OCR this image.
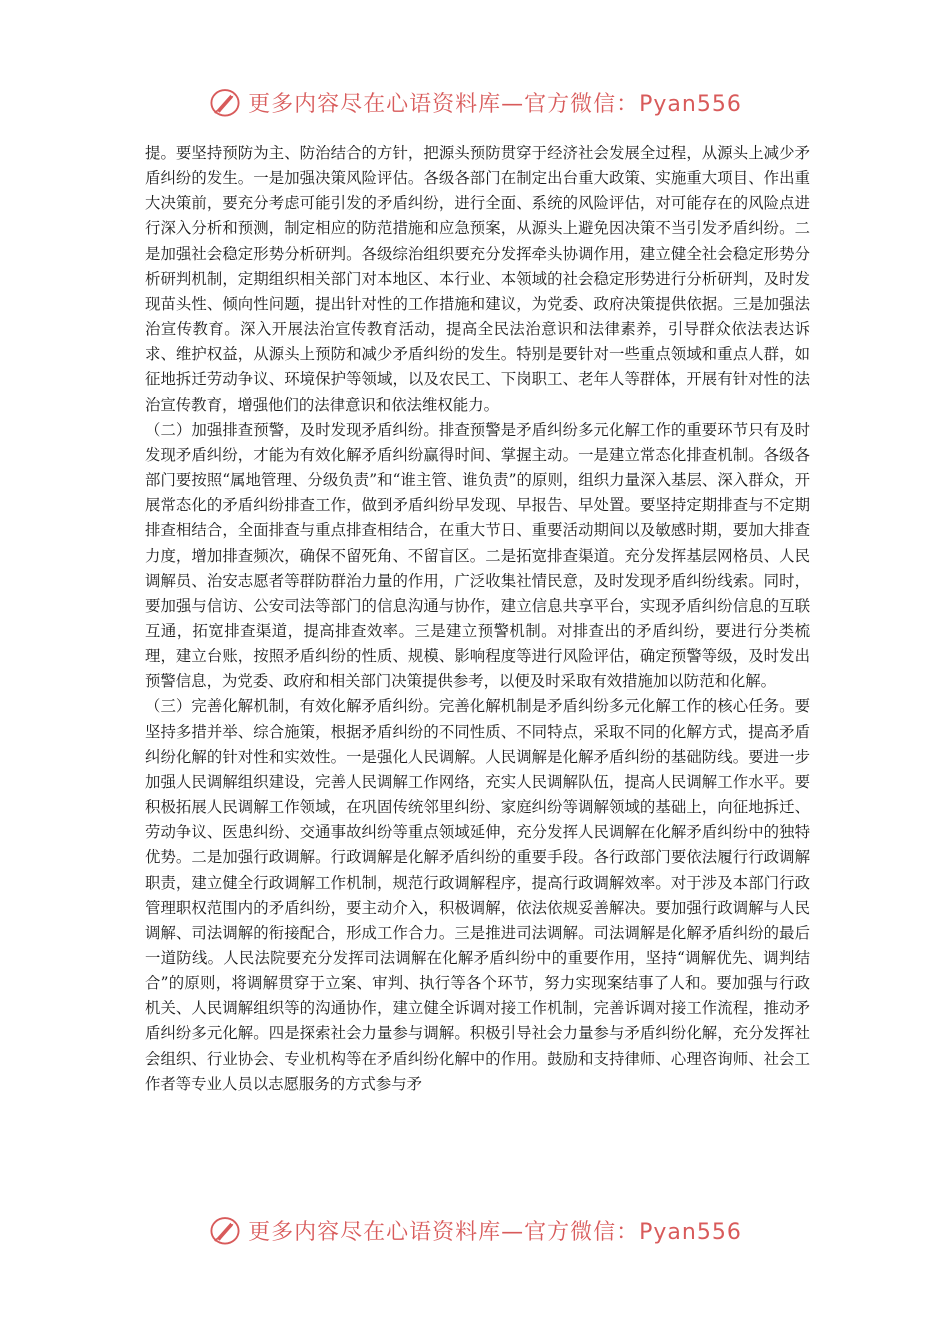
更多内容尽在心语资料库—官方微信：Pyan556

提。要坚持预防为主、防治结合的方针，把源头预防贯穿于经济社会发展全过程，从源头上减少矛盾纠纷的发生。一是加强决策风险评估。各级各部门在制定出台重大政策、实施重大项目、作出重大决策前，要充分考虑可能引发的矛盾纠纷，进行全面、系统的风险评估，对可能存在的风险点进行深入分析和预测，制定相应的防范措施和应急预案，从源头上避免因决策不当引发矛盾纠纷。二是加强社会稳定形势分析研判。各级综治组织要充分发挥牵头协调作用，建立健全社会稳定形势分析研判机制，定期组织相关部门对本地区、本行业、本领域的社会稳定形势进行分析研判，及时发现苗头性、倾向性问题，提出针对性的工作措施和建议，为党委、政府决策提供依据。三是加强法治宣传教育。深入开展法治宣传教育活动，提高全民法治意识和法律素养，引导群众依法表达诉求、维护权益，从源头上预防和减少矛盾纠纷的发生。特别是要针对一些重点领域和重点人群，如征地拆迁劳动争议、环境保护等领域，以及农民工、下岗职工、老年人等群体，开展有针对性的法治宣传教育，增强他们的法律意识和依法维权能力。

（二）加强排查预警，及时发现矛盾纠纷。排查预警是矛盾纠纷多元化解工作的重要环节只有及时发现矛盾纠纷，才能为有效化解矛盾纠纷赢得时间、掌握主动。一是建立常态化排查机制。各级各部门要按照“属地管理、分级负责”和“谁主管、谁负责”的原则，组织力量深入基层、深入群众，开展常态化的矛盾纠纷排查工作，做到矛盾纠纷早发现、早报告、早处置。要坚持定期排查与不定期排查相结合，全面排查与重点排查相结合，在重大节日、重要活动期间以及敏感时期，要加大排查力度，增加排查频次，确保不留死角、不留盲区。二是拓宽排查渠道。充分发挥基层网格员、人民调解员、治安志愿者等群防群治力量的作用，广泛收集社情民意，及时发现矛盾纠纷线索。同时，要加强与信访、公安司法等部门的信息沟通与协作，建立信息共享平台，实现矛盾纠纷信息的互联互通，拓宽排查渠道，提高排查效率。三是建立预警机制。对排查出的矛盾纠纷，要进行分类梳理，建立台账，按照矛盾纠纷的性质、规模、影响程度等进行风险评估，确定预警等级，及时发出预警信息，为党委、政府和相关部门决策提供参考，以便及时采取有效措施加以防范和化解。

（三）完善化解机制，有效化解矛盾纠纷。完善化解机制是矛盾纠纷多元化解工作的核心任务。要坚持多措并举、综合施策，根据矛盾纠纷的不同性质、不同特点，采取不同的化解方式，提高矛盾纠纷化解的针对性和实效性。一是强化人民调解。人民调解是化解矛盾纠纷的基础防线。要进一步加强人民调解组织建设，完善人民调解工作网络，充实人民调解队伍，提高人民调解工作水平。要积极拓展人民调解工作领域，在巩固传统邻里纠纷、家庭纠纷等调解领域的基础上，向征地拆迁、劳动争议、医患纠纷、交通事故纠纷等重点领域延伸，充分发挥人民调解在化解矛盾纠纷中的独特优势。二是加强行政调解。行政调解是化解矛盾纠纷的重要手段。各行政部门要依法履行行政调解职责，建立健全行政调解工作机制，规范行政调解程序，提高行政调解效率。对于涉及本部门行政管理职权范围内的矛盾纠纷，要主动介入，积极调解，依法依规妥善解决。要加强行政调解与人民调解、司法调解的衔接配合，形成工作合力。三是推进司法调解。司法调解是化解矛盾纠纷的最后一道防线。人民法院要充分发挥司法调解在化解矛盾纠纷中的重要作用，坚持“调解优先、调判结合”的原则，将调解贯穿于立案、审判、执行等各个环节，努力实现案结事了人和。要加强与行政机关、人民调解组织等的沟通协作，建立健全诉调对接工作机制，完善诉调对接工作流程，推动矛盾纠纷多元化解。四是探索社会力量参与调解。积极引导社会力量参与矛盾纠纷化解，充分发挥社会组织、行业协会、专业机构等在矛盾纠纷化解中的作用。鼓励和支持律师、心理咨询师、社会工作者等专业人员以志愿服务的方式参与矛

更多内容尽在心语资料库—官方微信：Pyan556
